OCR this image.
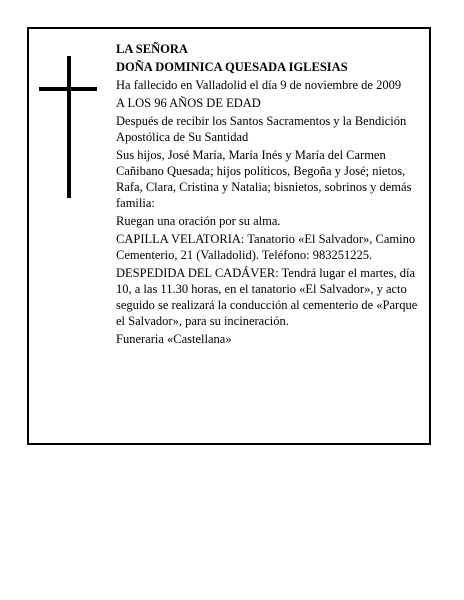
LA SEÑORA

DOÑA DOMINICA QUESADA IGLESIAS

Ha fallecido en Valladolid el día 9 de noviembre de 2009

A LOS 96 AÑOS DE EDAD

Después de recibir los Santos Sacramentos y la Bendición Apostólica de Su Santidad

Sus hijos, José María, María Inés y María del Carmen Cañibano Quesada; hijos políticos, Begoña y José; nietos, Rafa, Clara, Cristina y Natalia; bisnietos, sobrinos y demás familia:

Ruegan una oración por su alma.

CAPILLA VELATORIA: Tanatorio «El Salvador», Camino Cementerio, 21 (Valladolid). Teléfono: 983251225.

DESPEDIDA DEL CADÁVER: Tendrá lugar el martes, día 10, a las 11.30 horas, en el tanatorio «El Salvador», y acto seguido se realizará la conducción al cementerio de «Parque el Salvador», para su incineración.

Funeraria «Castellana»
